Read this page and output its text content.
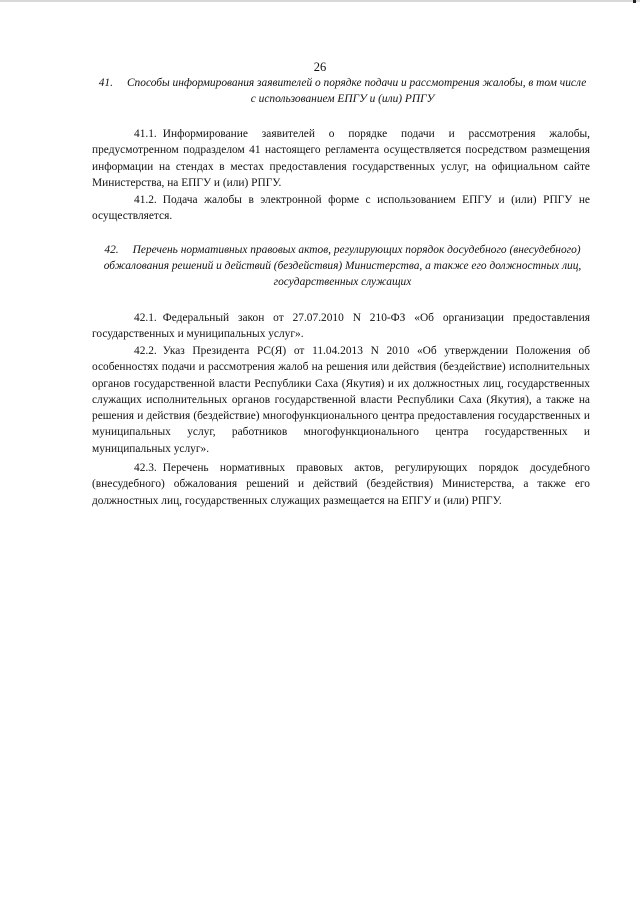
26
41. Способы информирования заявителей о порядке подачи и рассмотрения жалобы, в том числе с использованием ЕПГУ и (или) РПГУ

41.1. Информирование заявителей о порядке подачи и рассмотрения жалобы, предусмотренном подразделом 41 настоящего регламента осуществляется посредством размещения информации на стендах в местах предоставления государственных услуг, на официальном сайте Министерства, на ЕПГУ и (или) РПГУ.

41.2. Подача жалобы в электронной форме с использованием ЕПГУ и (или) РПГУ не осуществляется.

42. Перечень нормативных правовых актов, регулирующих порядок досудебного (внесудебного) обжалования решений и действий (бездействия) Министерства, а также его должностных лиц, государственных служащих

42.1. Федеральный закон от 27.07.2010 N 210-ФЗ «Об организации предоставления государственных и муниципальных услуг».

42.2. Указ Президента РС(Я) от 11.04.2013 N 2010 «Об утверждении Положения об особенностях подачи и рассмотрения жалоб на решения или действия (бездействие) исполнительных органов государственной власти Республики Саха (Якутия) и их должностных лиц, государственных служащих исполнительных органов государственной власти Республики Саха (Якутия), а также на решения и действия (бездействие) многофункционального центра предоставления государственных и муниципальных услуг, работников многофункционального центра государственных и муниципальных услуг».

42.3. Перечень нормативных правовых актов, регулирующих порядок досудебного (внесудебного) обжалования решений и действий (бездействия) Министерства, а также его должностных лиц, государственных служащих размещается на ЕПГУ и (или) РПГУ.
